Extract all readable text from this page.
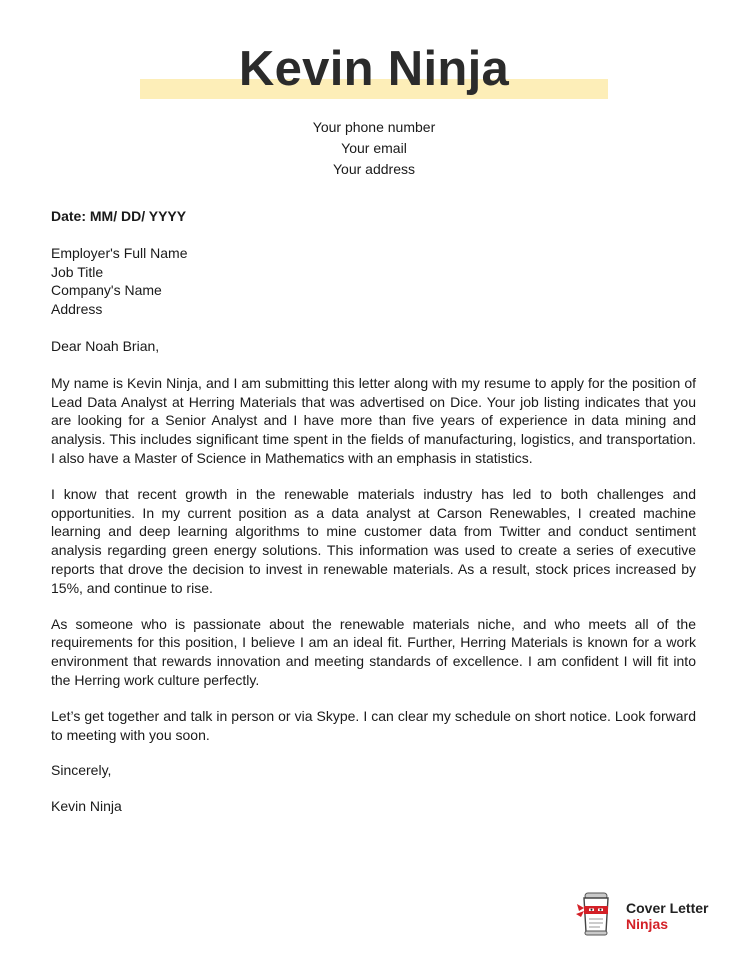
Kevin Ninja
Your phone number
Your email
Your address

Date: MM/ DD/ YYYY

Employer's Full Name
Job Title
Company's Name
Address

Dear Noah Brian,

My name is Kevin Ninja, and I am submitting this letter along with my resume to apply for the position of Lead Data Analyst at Herring Materials that was advertised on Dice. Your job listing indicates that you are looking for a Senior Analyst and I have more than five years of experience in data mining and analysis. This includes significant time spent in the fields of manufacturing, logistics, and transportation. I also have a Master of Science in Mathematics with an emphasis in statistics.

I know that recent growth in the renewable materials industry has led to both challenges and opportunities. In my current position as a data analyst at Carson Renewables, I created machine learning and deep learning algorithms to mine customer data from Twitter and conduct sentiment analysis regarding green energy solutions. This information was used to create a series of executive reports that drove the decision to invest in renewable materials. As a result, stock prices increased by 15%, and continue to rise.

As someone who is passionate about the renewable materials niche, and who meets all of the requirements for this position, I believe I am an ideal fit. Further, Herring Materials is known for a work environment that rewards innovation and meeting standards of excellence. I am confident I will fit into the Herring work culture perfectly.

Let’s get together and talk in person or via Skype. I can clear my schedule on short notice. Look forward to meeting with you soon.

Sincerely,

Kevin Ninja

Cover Letter
Ninjas
